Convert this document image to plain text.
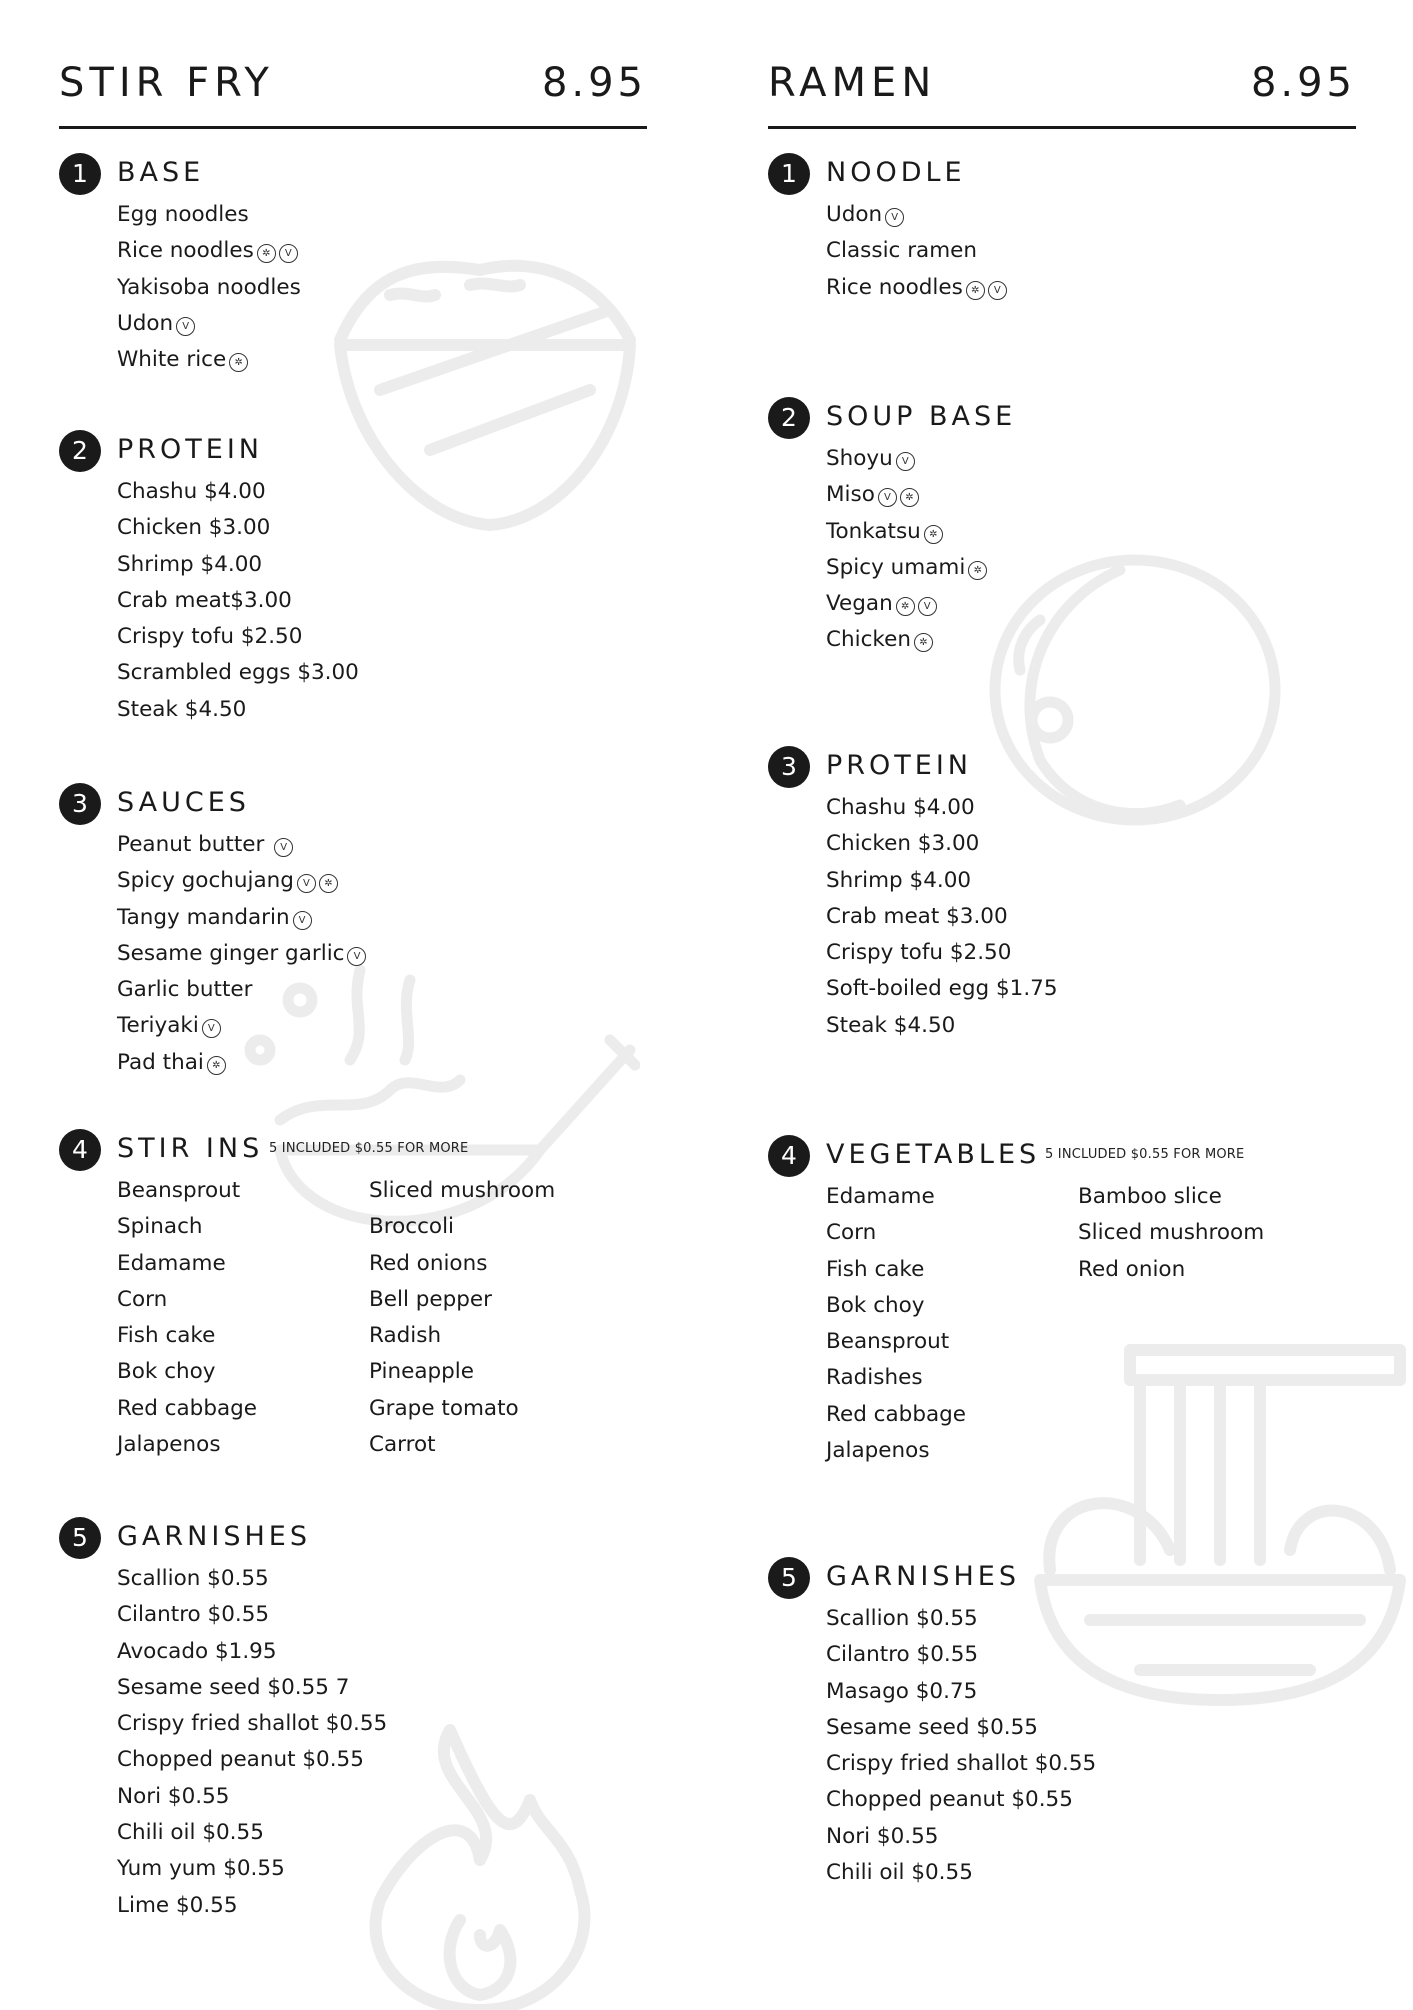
STIR FRY	8.95
1	BASE
Egg noodles
Rice noodles ✲ V
Yakisoba noodles
Udon V
White rice ✲
2	PROTEIN
Chashu $4.00
Chicken $3.00
Shrimp $4.00
Crab meat$3.00
Crispy tofu $2.50
Scrambled eggs $3.00
Steak $4.50
3	SAUCES
Peanut butter V
Spicy gochujang V ✲
Tangy mandarin V
Sesame ginger garlic V
Garlic butter
Teriyaki V
Pad thai ✲
4	STIR INS 5 INCLUDED $0.55 FOR MORE
Beansprout
Spinach
Edamame
Corn
Fish cake
Bok choy
Red cabbage
Jalapenos
Sliced mushroom
Broccoli
Red onions
Bell pepper
Radish
Pineapple
Grape tomato
Carrot
5	GARNISHES
Scallion $0.55
Cilantro $0.55
Avocado $1.95
Sesame seed $0.55 7
Crispy fried shallot $0.55
Chopped peanut $0.55
Nori $0.55
Chili oil $0.55
Yum yum $0.55
Lime $0.55
RAMEN	8.95
1	NOODLE
Udon V
Classic ramen
Rice noodles ✲ V
2	SOUP BASE
Shoyu V
Miso V ✲
Tonkatsu ✲
Spicy umami ✲
Vegan ✲ V
Chicken ✲
3	PROTEIN
Chashu $4.00
Chicken $3.00
Shrimp $4.00
Crab meat $3.00
Crispy tofu $2.50
Soft-boiled egg $1.75
Steak $4.50
4	VEGETABLES 5 INCLUDED $0.55 FOR MORE
Edamame
Corn
Fish cake
Bok choy
Beansprout
Radishes
Red cabbage
Jalapenos
Bamboo slice
Sliced mushroom
Red onion
5	GARNISHES
Scallion $0.55
Cilantro $0.55
Masago $0.75
Sesame seed $0.55
Crispy fried shallot $0.55
Chopped peanut $0.55
Nori $0.55
Chili oil $0.55
